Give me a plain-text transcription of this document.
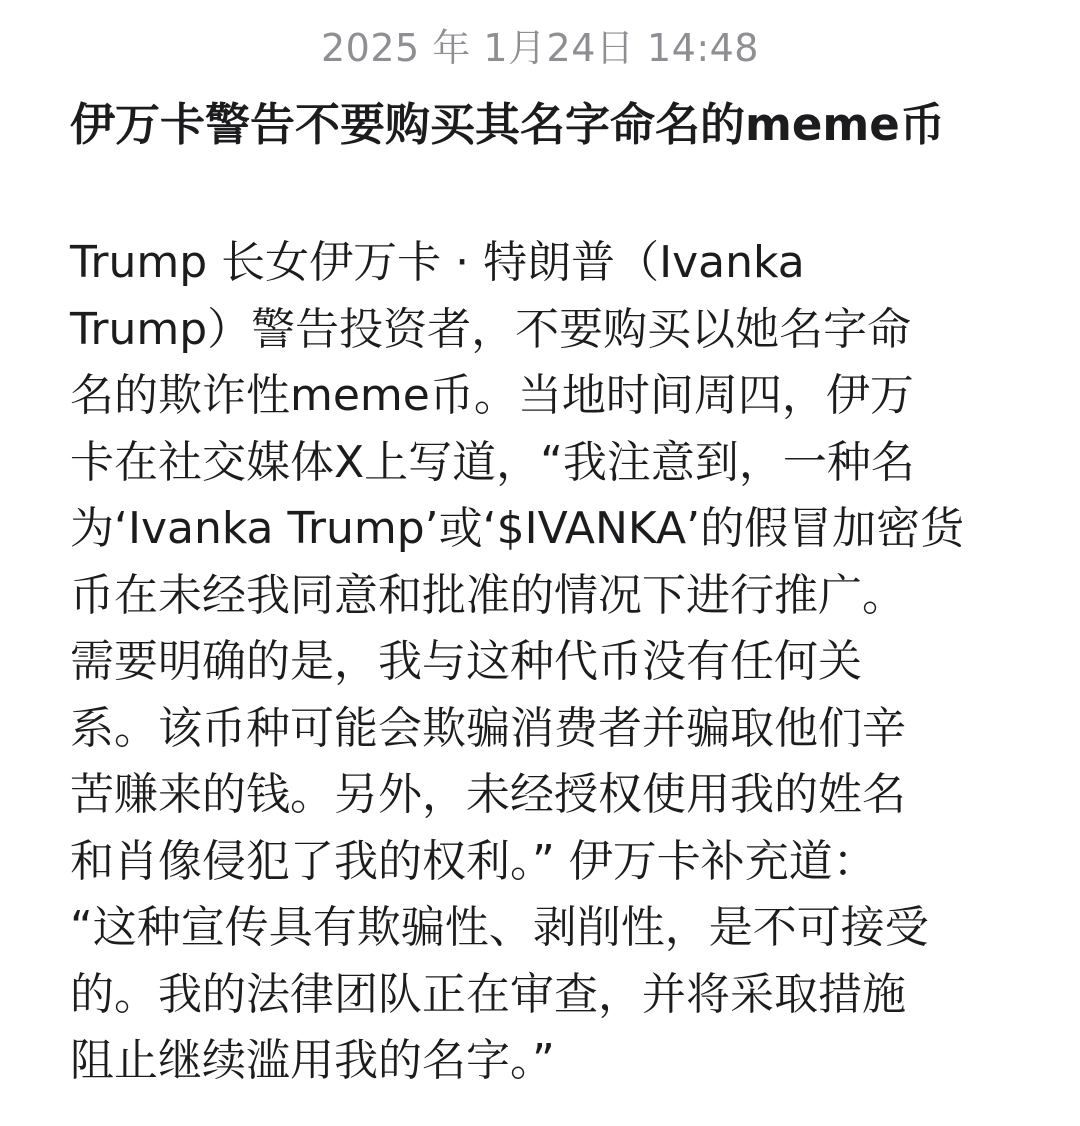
2025 年 1月24日 14:48
伊万卡警告不要购买其名字命名的meme币
Trump 长女伊万卡 · 特朗普（Ivanka
Trump）警告投资者，不要购买以她名字命
名的欺诈性meme币。当地时间周四，伊万
卡在社交媒体X上写道，“我注意到，一种名
为‘Ivanka Trump’或‘$IVANKA’的假冒加密货
币在未经我同意和批准的情况下进行推广。
需要明确的是，我与这种代币没有任何关
系。该币种可能会欺骗消费者并骗取他们辛
苦赚来的钱。另外，未经授权使用我的姓名
和肖像侵犯了我的权利。” 伊万卡补充道：
“这种宣传具有欺骗性、剥削性，是不可接受
的。我的法律团队正在审查，并将采取措施
阻止继续滥用我的名字。”
